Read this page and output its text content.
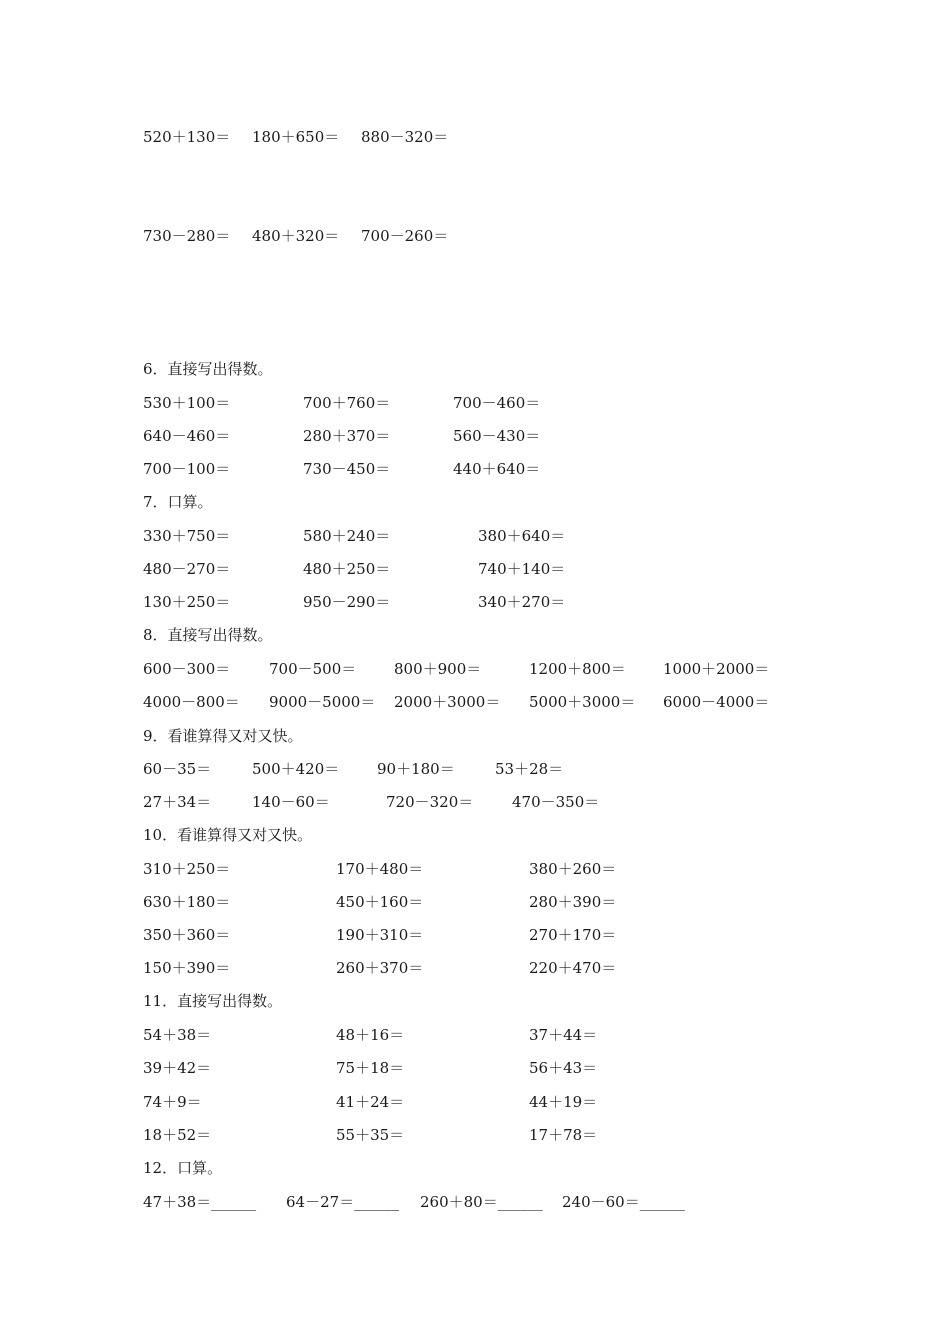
520＋130＝ 180＋650＝ 880－320＝
730－280＝ 480＋320＝ 700－260＝
6．直接写出得数。
530＋100＝	700＋760＝	700－460＝
640－460＝	280＋370＝	560－430＝
700－100＝	730－450＝	440＋640＝
7．口算。
330＋750＝	580＋240＝	380＋640＝
480－270＝	480＋250＝	740＋140＝
130＋250＝	950－290＝	340＋270＝
8．直接写出得数。
600－300＝	700－500＝	800＋900＝	1200＋800＝ 1000＋2000＝
4000－800＝ 9000－5000＝ 2000＋3000＝ 5000＋3000＝ 6000－4000＝
9．看谁算得又对又快。
60－35＝	500＋420＝	90＋180＝	53＋28＝
27＋34＝	140－60＝	720－320＝	470－350＝
10．看谁算得又对又快。
310＋250＝	170＋480＝	380＋260＝
630＋180＝	450＋160＝	280＋390＝
350＋360＝	190＋310＝	270＋170＝
150＋390＝	260＋370＝	220＋470＝
11．直接写出得数。
54＋38＝	48＋16＝	37＋44＝
39＋42＝	75＋18＝	56＋43＝
74＋9＝	41＋24＝	44＋19＝
18＋52＝	55＋35＝	17＋78＝
12．口算。
47＋38＝______ 64－27＝______ 260＋80＝______ 240－60＝______
